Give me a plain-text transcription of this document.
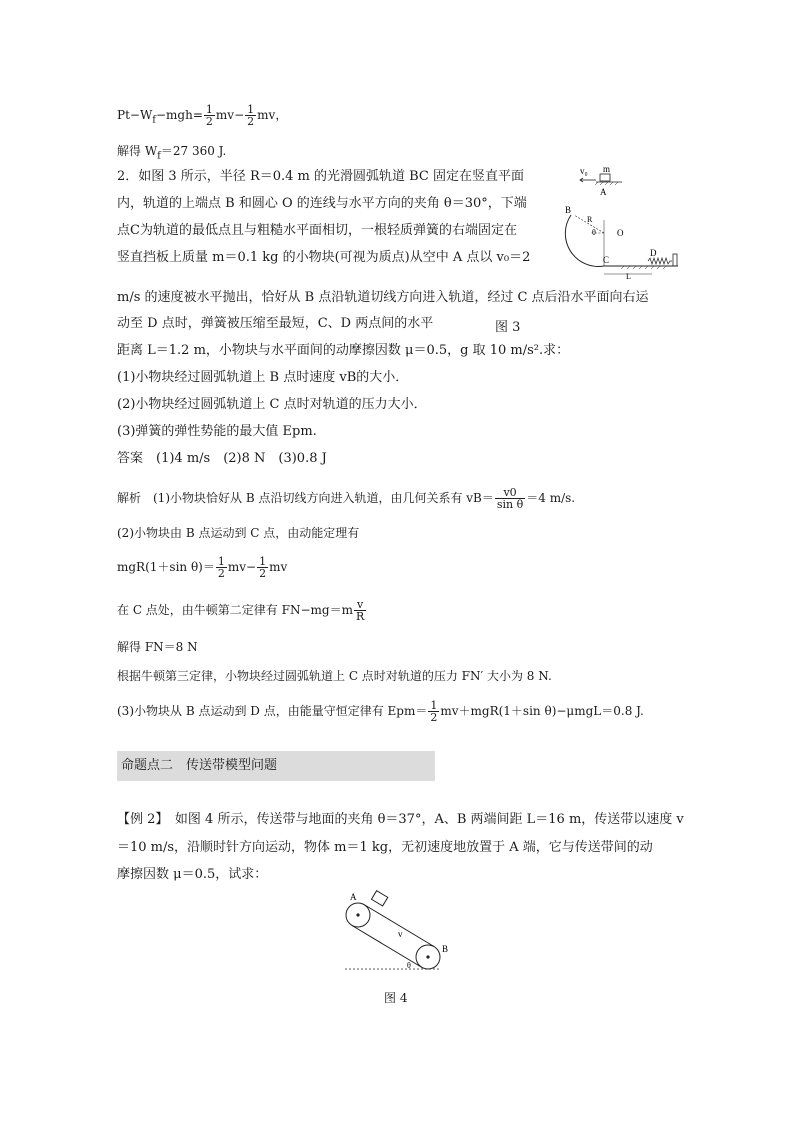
$Pt-W_f-mgh= \frac{1}{2} mv- \frac{1}{2}$ mv，
解得 $W_f=27$ 360 J.
2．如图 3 所示，半径 R＝0.4 m 的光滑圆弧轨道 BC 固定在竖直平面
内，轨道的上端点 B 和圆心 O 的连线与水平方向的夹角 θ＝30°，下端
点C为轨道的最低点且与粗糙水平面相切，一根轻质弹簧的右端固定在
竖直挡板上质量 m＝0.1 kg 的小物块(可视为质点)从空中 A 点以 v₀＝2
m/s 的速度被水平抛出，恰好从 B 点沿轨道切线方向进入轨道，经过 C 点后沿水平面向右运
动至 D 点时，弹簧被压缩至最短，C、D 两点间的水平	图 3
距离 L＝1.2 m，小物块与水平面间的动摩擦因数 μ＝0.5，g 取 10 m/s².求：
(1)小物块经过圆弧轨道上 B 点时速度 vB的大小．
(2)小物块经过圆弧轨道上 C 点时对轨道的压力大小．
(3)弹簧的弹性势能的最大值 Epm.
答案　(1)4 m/s　(2)8 N　(3)0.8 J
解析　(1)小物块恰好从 B 点沿切线方向进入轨道，由几何关系有 $vB= \frac{v0}{\text{sin θ}} =4$ m/s.
(2)小物块由 B 点运动到 C 点，由动能定理有
mgR(1＋sin $\theta)= \frac{1}{2} mv- \frac{1}{2}$ mv
在 C 点处，由牛顿第二定律有 $FN-mg=m \frac{v}{R}$
解得 FN＝8 N
根据牛顿第三定律，小物块经过圆弧轨道上 C 点时对轨道的压力 FN′ 大小为 8 N.
(3)小物块从 B 点运动到 D 点，由能量守恒定律有 $Epm= \frac{1}{2} mv+mgR(1+\sin$ θ)−μmgL＝0.8 J.
v₀ m
A
B
R
θ O
C
D
L
命题点二　传送带模型问题
【例 2】　如图 4 所示，传送带与地面的夹角 θ＝37°，A、B 两端间距 L＝16 m，传送带以速度 v
＝10 m/s，沿顺时针方向运动，物体 m＝1 kg，无初速度地放置于 A 端，它与传送带间的动
摩擦因数 μ＝0.5，试求：
A
B
v
θ
图 4
